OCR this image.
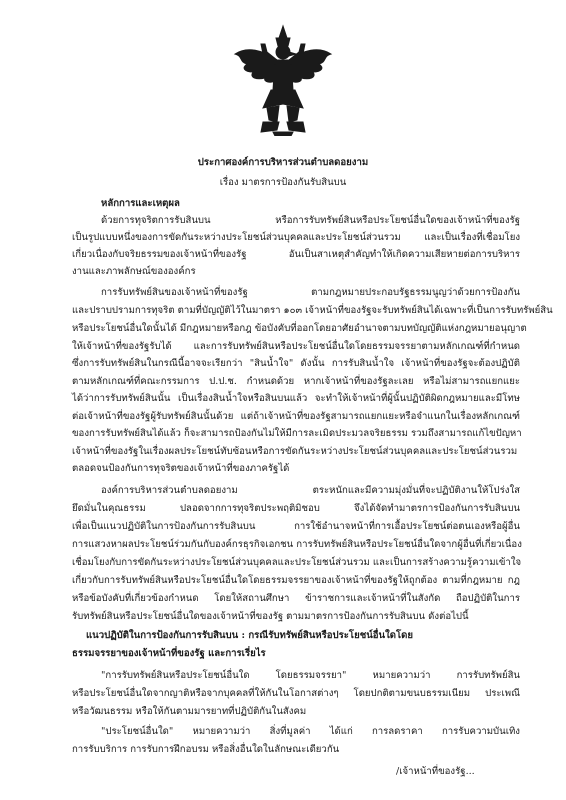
ประกาศองค์การบริหารส่วนตำบลดอยงาม
เรื่อง มาตรการป้องกันรับสินบน
หลักการและเหตุผล
ด้วยการทุจริตการรับสินบน หรือการรับทรัพย์สินหรือประโยชน์อื่นใดของเจ้าหน้าที่ของรัฐ
เป็นรูปแบบหนึ่งของการขัดกันระหว่างประโยชน์ส่วนบุคคลและประโยชน์ส่วนรวม และเป็นเรื่องที่เชื่อมโยง
เกี่ยวเนื่องกับจริยธรรมของเจ้าหน้าที่ของรัฐ อันเป็นสาเหตุสำคัญทำให้เกิดความเสียหายต่อการบริหาร
งานและภาพลักษณ์ขององค์กร
การรับทรัพย์สินของเจ้าหน้าที่ของรัฐ ตามกฎหมายประกอบรัฐธรรมนูญว่าด้วยการป้องกัน
และปราบปรามการทุจริต ตามที่บัญญัติไว้ในมาตรา ๑๐๓ เจ้าหน้าที่ของรัฐจะรับทรัพย์สินได้เฉพาะที่เป็นการรับทรัพย์สิน
หรือประโยชน์อื่นใดนั้นได้ มีกฎหมายหรือกฎ ข้อบังคับที่ออกโดยอาศัยอำนาจตามบทบัญญัติแห่งกฎหมายอนุญาต
ให้เจ้าหน้าที่ของรัฐรับได้ และการรับทรัพย์สินหรือประโยชน์อื่นใดโดยธรรมจรรยาตามหลักเกณฑ์ที่กำหนด
ซึ่งการรับทรัพย์สินในกรณีนี้อาจจะเรียกว่า "สินน้ำใจ" ดังนั้น การรับสินน้ำใจ เจ้าหน้าที่ของรัฐจะต้องปฏิบัติ
ตามหลักเกณฑ์ที่คณะกรรมการ ป.ป.ช. กำหนดด้วย หากเจ้าหน้าที่ของรัฐละเลย หรือไม่สามารถแยกแยะ
ได้ว่าการรับทรัพย์สินนั้น เป็นเรื่องสินน้ำใจหรือสินบนแล้ว จะทำให้เจ้าหน้าที่ผู้นั้นปฏิบัติผิดกฎหมายและมีโทษ
ต่อเจ้าหน้าที่ของรัฐผู้รับทรัพย์สินนั้นด้วย แต่ถ้าเจ้าหน้าที่ของรัฐสามารถแยกแยะหรือจำแนกในเรื่องหลักเกณฑ์
ของการรับทรัพย์สินได้แล้ว ก็จะสามารถป้องกันไม่ให้มีการละเมิดประมวลจริยธรรม รวมถึงสามารถแก้ไขปัญหา
เจ้าหน้าที่ของรัฐในเรื่องผลประโยชน์ทับซ้อนหรือการขัดกันระหว่างประโยชน์ส่วนบุคคลและประโยชน์ส่วนรวม
ตลอดจนป้องกันการทุจริตของเจ้าหน้าที่ของภาครัฐได้
องค์การบริหารส่วนตำบลดอยงาม ตระหนักและมีความมุ่งมั่นที่จะปฏิบัติงานให้โปร่งใส
ยึดมั่นในคุณธรรม ปลอดจากการทุจริตประพฤติมิชอบ จึงได้จัดทำมาตรการป้องกันการรับสินบน
เพื่อเป็นแนวปฏิบัติในการป้องกันการรับสินบน การใช้อำนาจหน้าที่การเอื้อประโยชน์ต่อตนเองหรือผู้อื่น
การแสวงหาผลประโยชน์ร่วมกันกับองค์กรธุรกิจเอกชน การรับทรัพย์สินหรือประโยชน์อื่นใดจากผู้อื่นที่เกี่ยวเนื่อง
เชื่อมโยงกับการขัดกันระหว่างประโยชน์ส่วนบุคคลและประโยชน์ส่วนรวม และเป็นการสร้างความรู้ความเข้าใจ
เกี่ยวกับการรับทรัพย์สินหรือประโยชน์อื่นใดโดยธรรมจรรยาของเจ้าหน้าที่ของรัฐให้ถูกต้อง ตามที่กฎหมาย กฎ
หรือข้อบังคับที่เกี่ยวข้องกำหนด โดยให้สถานศึกษา ข้าราชการและเจ้าหน้าที่ในสังกัด ถือปฏิบัติในการ
รับทรัพย์สินหรือประโยชน์อื่นใดของเจ้าหน้าที่ของรัฐ ตามมาตรการป้องกันการรับสินบน ดังต่อไปนี้
แนวปฏิบัติในการป้องกันการรับสินบน : กรณีรับทรัพย์สินหรือประโยชน์อื่นใดโดย
ธรรมจรรยาของเจ้าหน้าที่ของรัฐ และการเรี่ยไร
"การรับทรัพย์สินหรือประโยชน์อื่นใด โดยธรรมจรรยา" หมายความว่า การรับทรัพย์สิน
หรือประโยชน์อื่นใดจากญาติหรือจากบุคคลที่ให้กันในโอกาสต่างๆ โดยปกติตามขนบธรรมเนียม ประเพณี
หรือวัฒนธรรม หรือให้กันตามมารยาทที่ปฏิบัติกันในสังคม
"ประโยชน์อื่นใด" หมายความว่า สิ่งที่มูลค่า ได้แก่ การลดราคา การรับความบันเทิง
การรับบริการ การรับการฝึกอบรม หรือสิ่งอื่นใดในลักษณะเดียวกัน
/เจ้าหน้าที่ของรัฐ...
